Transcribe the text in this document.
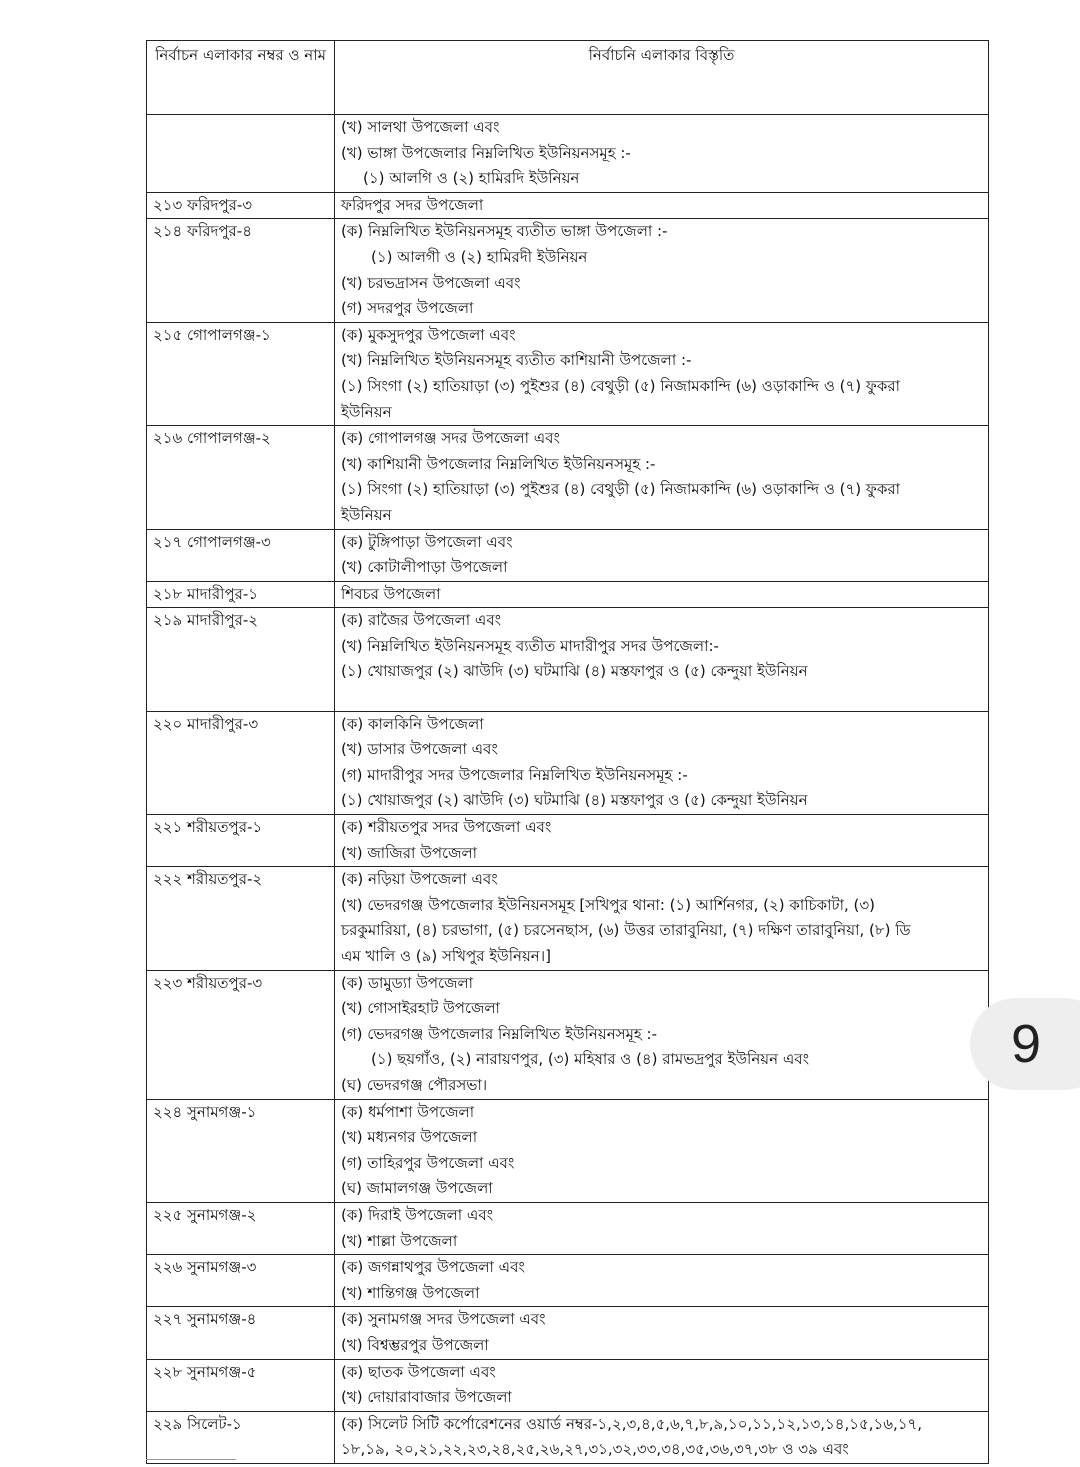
নির্বাচন এলাকার নম্বর ও নাম	নির্বাচনি এলাকার বিস্তৃতি

	(খ) সালথা উপজেলা এবং
(খ) ভাঙ্গা উপজেলার নিম্নলিখিত ইউনিয়নসমূহ :-
(১) আলগি ও (২) হামিরদি ইউনিয়ন

২১৩ ফরিদপুর-৩	ফরিদপুর সদর উপজেলা

২১৪ ফরিদপুর-৪	(ক) নিম্নলিখিত ইউনিয়নসমূহ ব্যতীত ভাঙ্গা উপজেলা :-
(১) আলগী ও (২) হামিরদী ইউনিয়ন
(খ) চরভদ্রাসন উপজেলা এবং
(গ) সদরপুর উপজেলা

২১৫ গোপালগঞ্জ-১	(ক) মুকসুদপুর উপজেলা এবং
(খ) নিম্নলিখিত ইউনিয়নসমূহ ব্যতীত কাশিয়ানী উপজেলা :-
(১) সিংগা (২) হাতিয়াড়া (৩) পুইশুর (৪) বেথুড়ী (৫) নিজামকান্দি (৬) ওড়াকান্দি ও (৭) ফুকরা
ইউনিয়ন

২১৬ গোপালগঞ্জ-২	(ক) গোপালগঞ্জ সদর উপজেলা এবং
(খ) কাশিয়ানী উপজেলার নিম্নলিখিত ইউনিয়নসমূহ :-
(১) সিংগা (২) হাতিয়াড়া (৩) পুইশুর (৪) বেথুড়ী (৫) নিজামকান্দি (৬) ওড়াকান্দি ও (৭) ফুকরা
ইউনিয়ন

২১৭ গোপালগঞ্জ-৩	(ক) টুঙ্গিপাড়া উপজেলা এবং
(খ) কোটালীপাড়া উপজেলা

২১৮ মাদারীপুর-১	শিবচর উপজেলা

২১৯ মাদারীপুর-২	(ক) রাজৈর উপজেলা এবং
(খ) নিম্নলিখিত ইউনিয়নসমূহ ব্যতীত মাদারীপুর সদর উপজেলা:-
(১) খোয়াজপুর (২) ঝাউদি (৩) ঘটমাঝি (৪) মস্তফাপুর ও (৫) কেন্দুয়া ইউনিয়ন

২২০ মাদারীপুর-৩	(ক) কালকিনি উপজেলা
(খ) ডাসার উপজেলা এবং
(গ) মাদারীপুর সদর উপজেলার নিম্নলিখিত ইউনিয়নসমূহ :-
(১) খোয়াজপুর (২) ঝাউদি (৩) ঘটমাঝি (৪) মস্তফাপুর ও (৫) কেন্দুয়া ইউনিয়ন

২২১ শরীয়তপুর-১	(ক) শরীয়তপুর সদর উপজেলা এবং
(খ) জাজিরা উপজেলা

২২২ শরীয়তপুর-২	(ক) নড়িয়া উপজেলা এবং
(খ) ভেদরগঞ্জ উপজেলার ইউনিয়নসমূহ [সখিপুর থানা: (১) আর্শিনগর, (২) কাচিকাটা, (৩)
চরকুমারিয়া, (৪) চরভাগা, (৫) চরসেনছাস, (৬) উত্তর তারাবুনিয়া, (৭) দক্ষিণ তারাবুনিয়া, (৮) ডি
এম খালি ও (৯) সখিপুর ইউনিয়ন।]

২২৩ শরীয়তপুর-৩	(ক) ডামুড্যা উপজেলা
(খ) গোসাইরহাট উপজেলা
(গ) ভেদরগঞ্জ উপজেলার নিম্নলিখিত ইউনিয়নসমূহ :-
(১) ছয়গাঁও, (২) নারায়ণপুর, (৩) মহিষার ও (৪) রামভদ্রপুর ইউনিয়ন এবং
(ঘ) ভেদরগঞ্জ পৌরসভা।

২২৪ সুনামগঞ্জ-১	(ক) ধর্মপাশা উপজেলা
(খ) মধ্যনগর উপজেলা
(গ) তাহিরপুর উপজেলা এবং
(ঘ) জামালগঞ্জ উপজেলা

২২৫ সুনামগঞ্জ-২	(ক) দিরাই উপজেলা এবং
(খ) শাল্লা উপজেলা

২২৬ সুনামগঞ্জ-৩	(ক) জগন্নাথপুর উপজেলা এবং
(খ) শান্তিগঞ্জ উপজেলা

২২৭ সুনামগঞ্জ-৪	(ক) সুনামগঞ্জ সদর উপজেলা এবং
(খ) বিশ্বম্ভরপুর উপজেলা

২২৮ সুনামগঞ্জ-৫	(ক) ছাতক উপজেলা এবং
(খ) দোয়ারাবাজার উপজেলা

২২৯ সিলেট-১	(ক) সিলেট সিটি কর্পোরেশনের ওয়ার্ড নম্বর-১,২,৩,৪,৫,৬,৭,৮,৯,১০,১১,১২,১৩,১৪,১৫,১৬,১৭,
১৮,১৯, ২০,২১,২২,২৩,২৪,২৫,২৬,২৭,৩১,৩২,৩৩,৩৪,৩৫,৩৬,৩৭,৩৮ ও ৩৯ এবং
9
